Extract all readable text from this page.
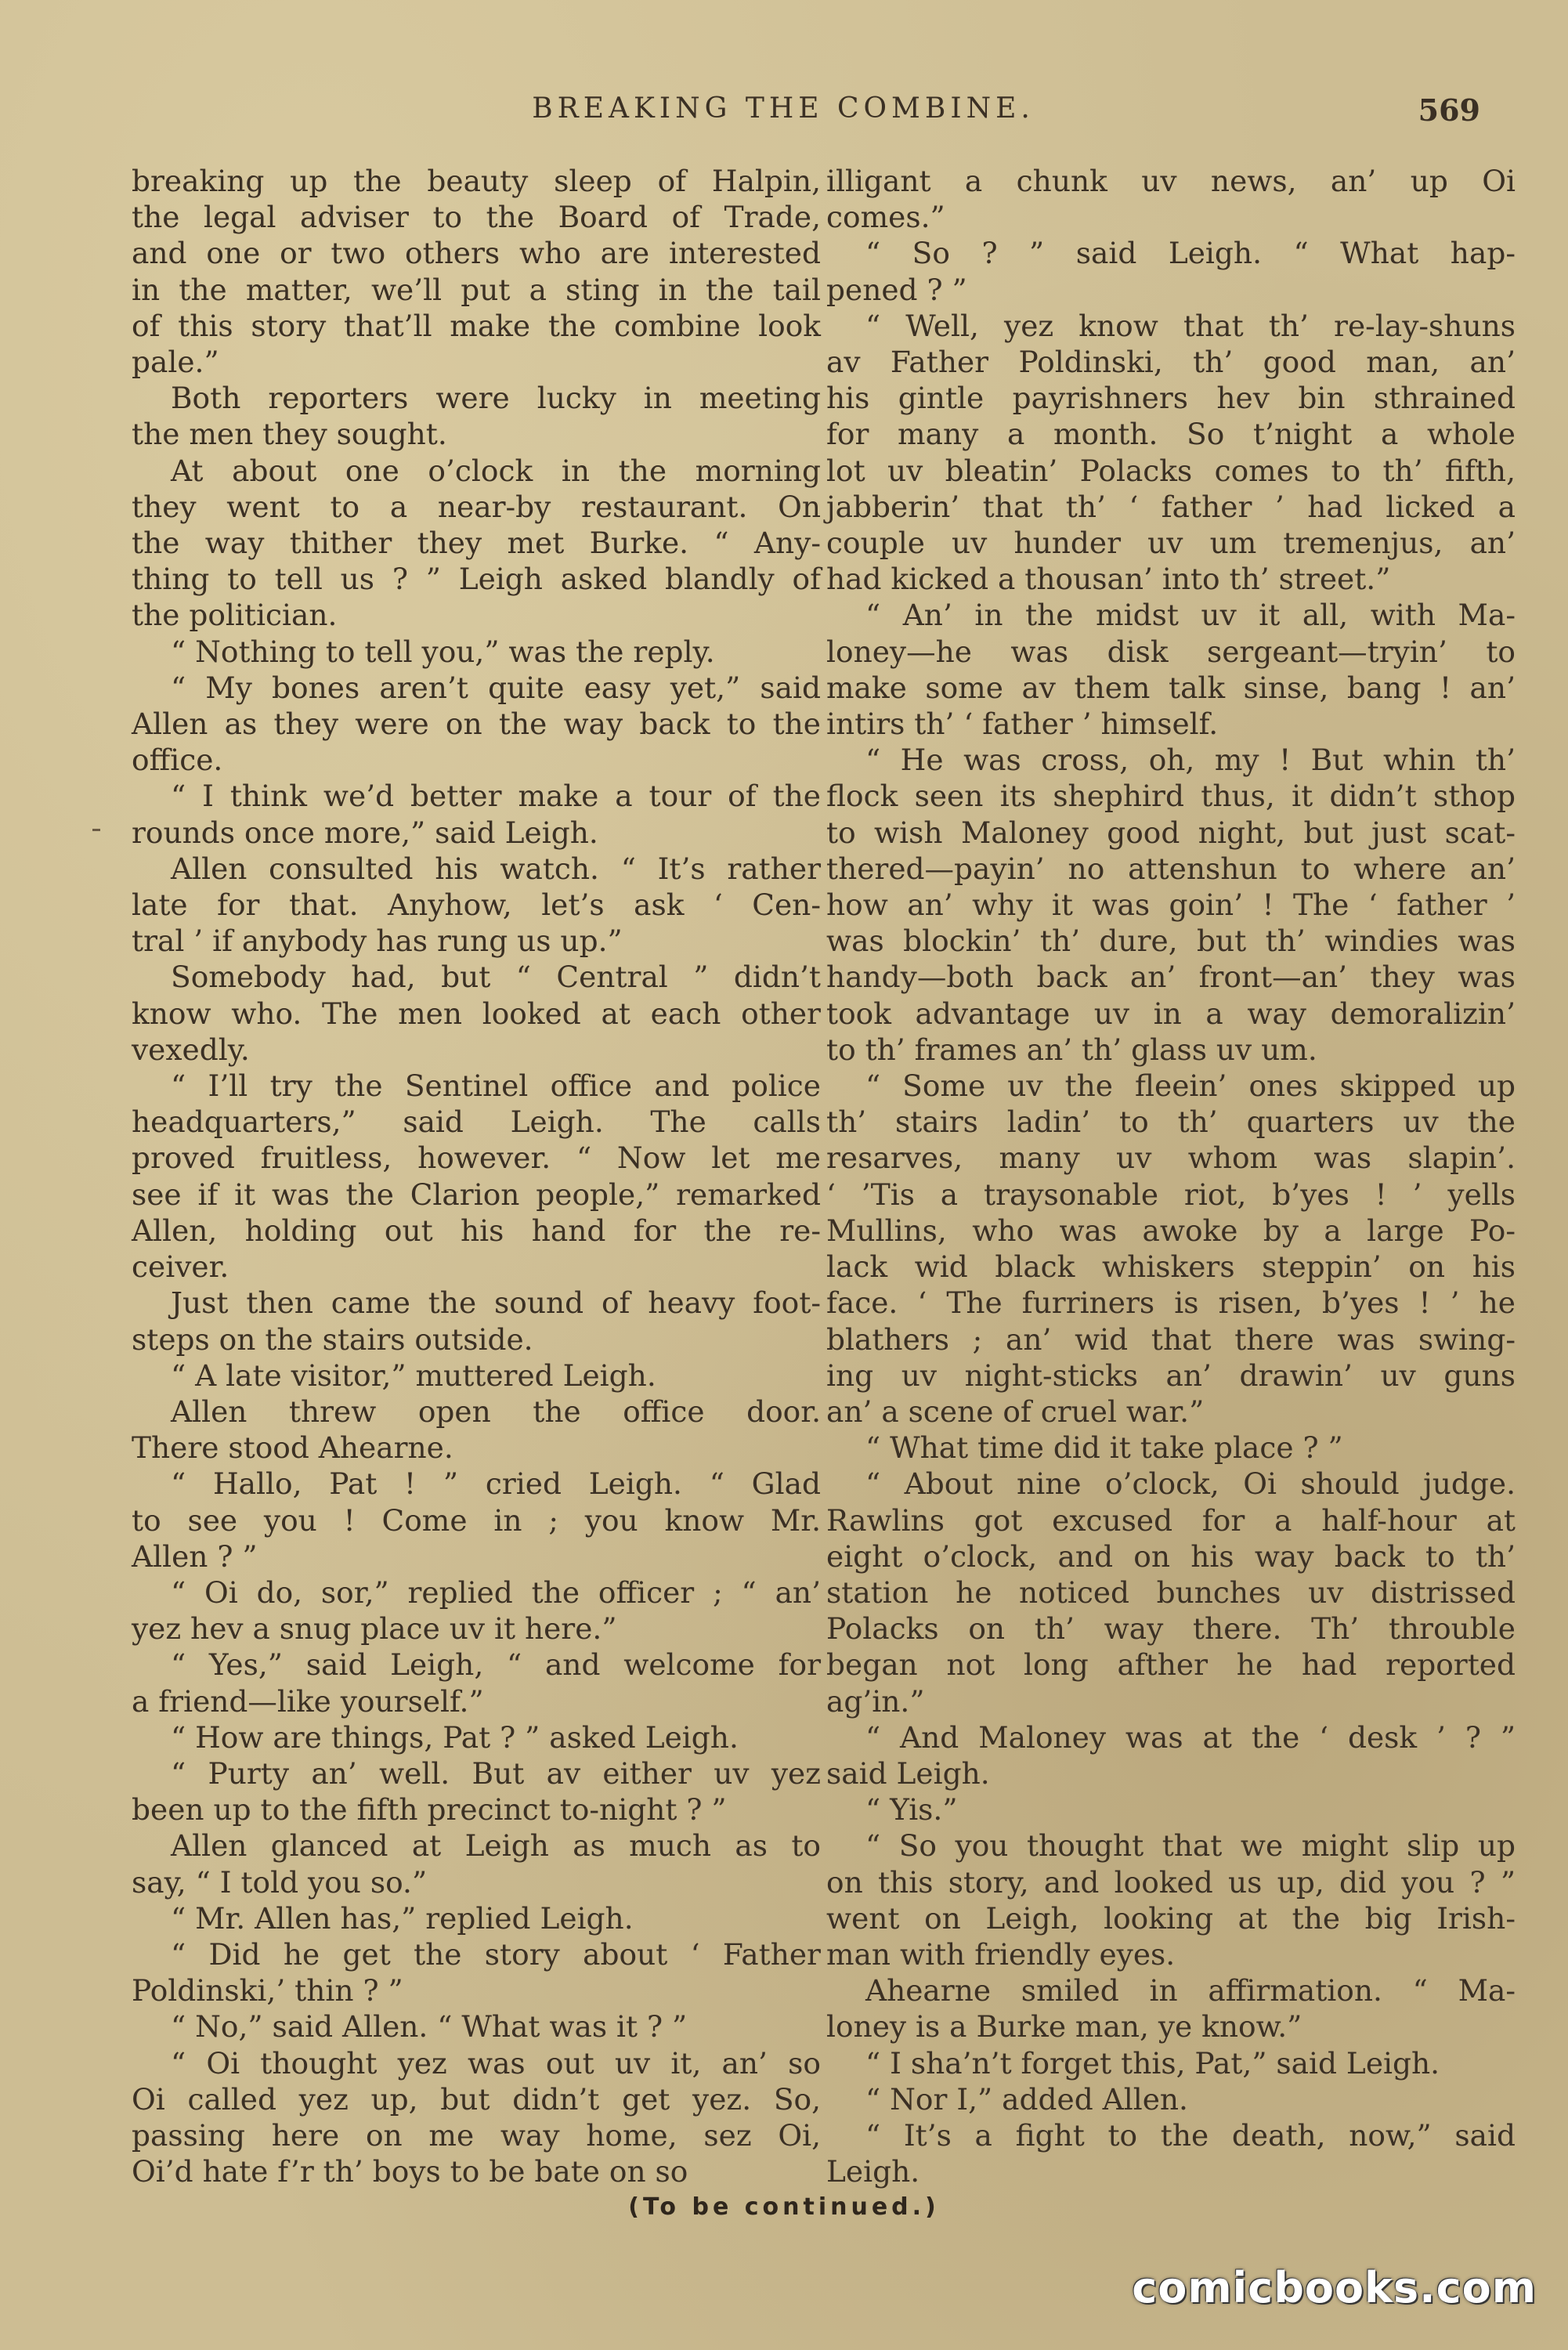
BREAKING THE COMBINE.	569

breaking up the beauty sleep of Halpin,
the legal adviser to the Board of Trade,
and one or two others who are interested
in the matter, we’ll put a sting in the tail
of this story that’ll make the combine look
pale.”

Both reporters were lucky in meeting
the men they sought.

At about one o’clock in the morning
they went to a near-by restaurant. On
the way thither they met Burke. “ Any-
thing to tell us ? ” Leigh asked blandly of
the politician.

“ Nothing to tell you,” was the reply.

“ My bones aren’t quite easy yet,” said
Allen as they were on the way back to the
office.

“ I think we’d better make a tour of the
rounds once more,” said Leigh.

Allen consulted his watch. “ It’s rather
late for that. Anyhow, let’s ask ‘ Cen-
tral ’ if anybody has rung us up.”

Somebody had, but “ Central ” didn’t
know who. The men looked at each other
vexedly.

“ I’ll try the Sentinel office and police
headquarters,” said Leigh. The calls
proved fruitless, however. “ Now let me
see if it was the Clarion people,” remarked
Allen, holding out his hand for the re-
ceiver.

Just then came the sound of heavy foot-
steps on the stairs outside.

“ A late visitor,” muttered Leigh.

Allen threw open the office door.
There stood Ahearne.

“ Hallo, Pat ! ” cried Leigh. “ Glad
to see you ! Come in ; you know Mr.
Allen ? ”

“ Oi do, sor,” replied the officer ; “ an’
yez hev a snug place uv it here.”

“ Yes,” said Leigh, “ and welcome for
a friend—like yourself.”

“ How are things, Pat ? ” asked Leigh.

“ Purty an’ well. But av either uv yez
been up to the fifth precinct to-night ? ”

Allen glanced at Leigh as much as to
say, “ I told you so.”

“ Mr. Allen has,” replied Leigh.

“ Did he get the story about ‘ Father
Poldinski,’ thin ? ”

“ No,” said Allen. “ What was it ? ”

“ Oi thought yez was out uv it, an’ so
Oi called yez up, but didn’t get yez. So,
passing here on me way home, sez Oi,
Oi’d hate f’r th’ boys to be bate on so

illigant a chunk uv news, an’ up Oi
comes.”

“ So ? ” said Leigh. “ What hap-
pened ? ”

“ Well, yez know that th’ re-lay-shuns
av Father Poldinski, th’ good man, an’
his gintle payrishners hev bin sthrained
for many a month. So t’night a whole
lot uv bleatin’ Polacks comes to th’ fifth,
jabberin’ that th’ ‘ father ’ had licked a
couple uv hunder uv um tremenjus, an’
had kicked a thousan’ into th’ street.”

“ An’ in the midst uv it all, with Ma-
loney—he was disk sergeant—tryin’ to
make some av them talk sinse, bang ! an’
intirs th’ ‘ father ’ himself.

“ He was cross, oh, my ! But whin th’
flock seen its shephird thus, it didn’t sthop
to wish Maloney good night, but just scat-
thered—payin’ no attenshun to where an’
how an’ why it was goin’ ! The ‘ father ’
was blockin’ th’ dure, but th’ windies was
handy—both back an’ front—an’ they was
took advantage uv in a way demoralizin’
to th’ frames an’ th’ glass uv um.

“ Some uv the fleein’ ones skipped up
th’ stairs ladin’ to th’ quarters uv the
resarves, many uv whom was slapin’.
‘ ’Tis a traysonable riot, b’yes ! ’ yells
Mullins, who was awoke by a large Po-
lack wid black whiskers steppin’ on his
face. ‘ The furriners is risen, b’yes ! ’ he
blathers ; an’ wid that there was swing-
ing uv night-sticks an’ drawin’ uv guns
an’ a scene of cruel war.”

“ What time did it take place ? ”

“ About nine o’clock, Oi should judge.
Rawlins got excused for a half-hour at
eight o’clock, and on his way back to th’
station he noticed bunches uv distrissed
Polacks on th’ way there. Th’ throuble
began not long afther he had reported
ag’in.”

“ And Maloney was at the ‘ desk ’ ? ”
said Leigh.

“ Yis.”

“ So you thought that we might slip up
on this story, and looked us up, did you ? ”
went on Leigh, looking at the big Irish-
man with friendly eyes.

Ahearne smiled in affirmation. “ Ma-
loney is a Burke man, ye know.”

“ I sha’n’t forget this, Pat,” said Leigh.

“ Nor I,” added Allen.

“ It’s a fight to the death, now,” said
Leigh.

(To be continued.)
comicbooks.com
